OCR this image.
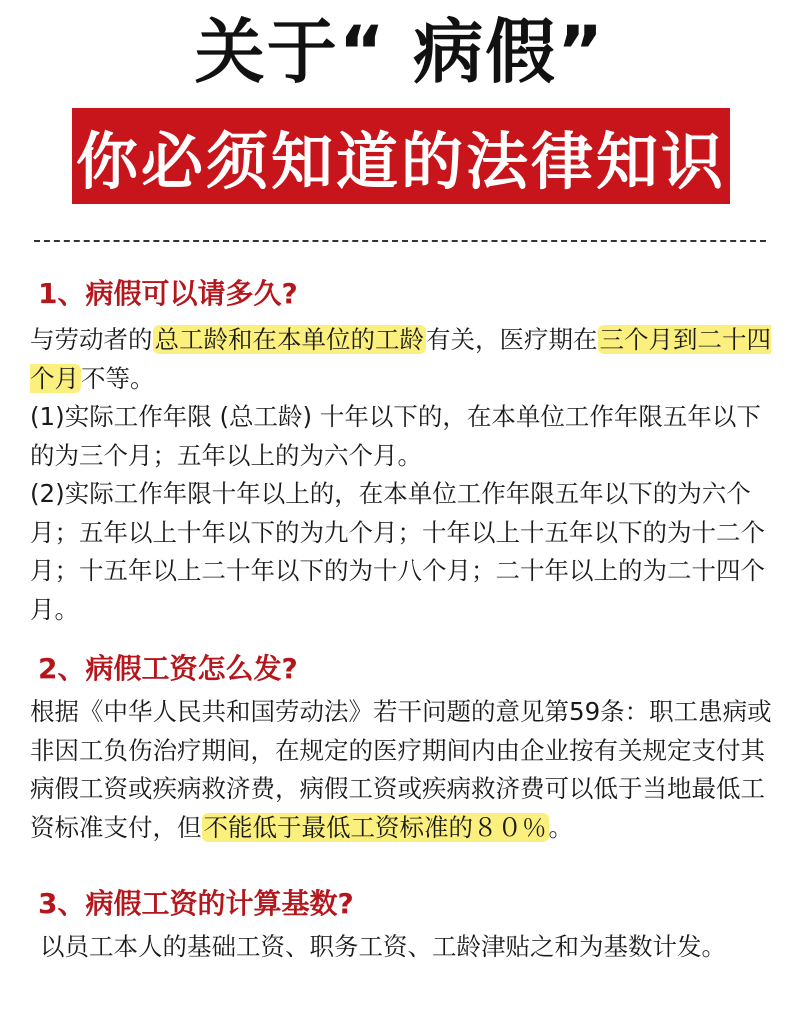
关于“ 病假”
你必须知道的法律知识
1、病假可以请多久?

与劳动者的总工龄和在本单位的工龄有关，医疗期在三个月到二十四个月不等。

(1)实际工作年限 (总工龄) 十年以下的，在本单位工作年限五年以下的为三个月；五年以上的为六个月。

(2)实际工作年限十年以上的，在本单位工作年限五年以下的为六个月；五年以上十年以下的为九个月；十年以上十五年以下的为十二个月；十五年以上二十年以下的为十八个月；二十年以上的为二十四个月。

2、病假工资怎么发?

根据《中华人民共和国劳动法》若干问题的意见第59条：职工患病或非因工负伤治疗期间，在规定的医疗期间内由企业按有关规定支付其病假工资或疾病救济费，病假工资或疾病救济费可以低于当地最低工资标准支付，但不能低于最低工资标准的８０％。

3、病假工资的计算基数?

以员工本人的基础工资、职务工资、工龄津贴之和为基数计发。
